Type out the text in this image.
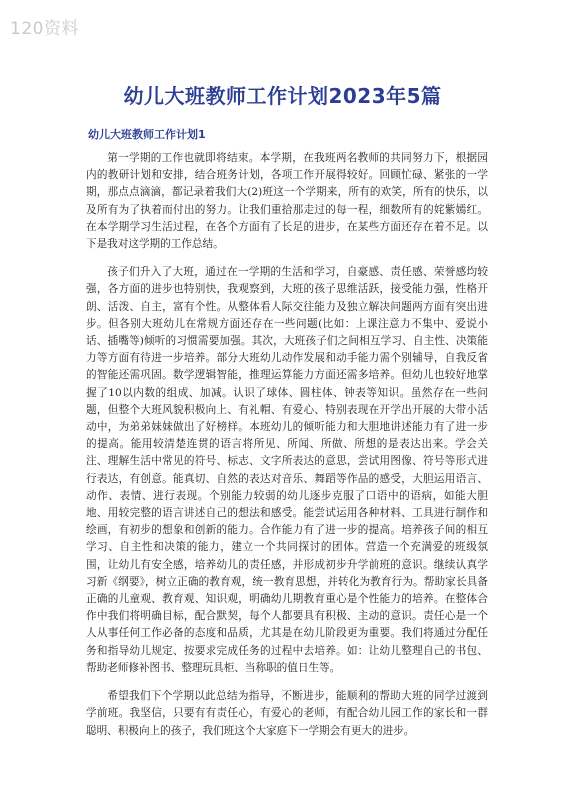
120资料
幼儿大班教师工作计划2023年5篇
幼儿大班教师工作计划1

第一学期的工作也就即将结束。本学期，在我班两名教师的共同努力下，根据园内的教研计划和安排，结合班务计划，各项工作开展得较好。回顾忙碌、紧张的一学期，那点点滴滴，都记录着我们大(2)班这一个学期来，所有的欢笑，所有的快乐，以及所有为了执着而付出的努力。让我们重拾那走过的每一程，细数所有的姹紫嫣红。在本学期学习生活过程，在各个方面有了长足的进步，在某些方面还存在着不足。以下是我对这学期的工作总结。

孩子们升入了大班，通过在一学期的生活和学习，自豪感、责任感、荣誉感均较强，各方面的进步也特别快，我观察到，大班的孩子思维活跃，接受能力强，性格开朗、活泼、自主，富有个性。从整体看人际交往能力及独立解决问题两方面有突出进步。但各别大班幼儿在常规方面还存在一些问题(比如：上课注意力不集中、爱说小话、插嘴等)倾听的习惯需要加强。其次，大班孩子们之间相互学习、自主性、决策能力等方面有待进一步培养。部分大班幼儿动作发展和动手能力需个别辅导，自我反省的智能还需巩固。数学逻辑智能，推理运算能力方面还需多培养。但幼儿也较好地掌握了10以内数的组成、加减。认识了球体、圆柱体、钟表等知识。虽然存在一些问题，但整个大班风貌积极向上、有礼帽、有爱心、特别表现在开学出开展的大带小活动中，为弟弟妹妹做出了好榜样。本班幼儿的倾听能力和大胆地讲述能力有了进一步的提高。能用较清楚连贯的语言将所见、所闻、所做、所想的是表达出来。学会关注、理解生活中常见的符号、标志、文字所表达的意思，尝试用图像、符号等形式进行表达，有创意。能真切、自然的表达对音乐、舞蹈等作品的感受，大胆运用语言、动作、表情、进行表现。个别能力较弱的幼儿逐步克服了口语中的语病，如能大胆地、用较完整的语言讲述自己的想法和感受。能尝试运用各种材料、工具进行制作和绘画，有初步的想象和创新的能力。合作能力有了进一步的提高。培养孩子间的相互学习、自主性和决策的能力，建立一个共同探讨的团体。营造一个充满爱的班级氛围，让幼儿有安全感，培养幼儿的责任感，并形成初步升学前班的意识。继续认真学习新《纲要》，树立正确的教育观，统一教育思想，并转化为教育行为。帮助家长具备正确的儿童观、教育观、知识观，明确幼儿期教育重心是个性能力的培养。在整体合作中我们将明确目标，配合默契，每个人都要具有积极、主动的意识。责任心是一个人从事任何工作必备的态度和品质，尤其是在幼儿阶段更为重要。我们将通过分配任务和指导幼儿规定、按要求完成任务的过程中去培养。如：让幼儿整理自己的书包、帮助老师修补图书、整理玩具柜、当称职的值日生等。

希望我们下个学期以此总结为指导，不断进步，能顺利的帮助大班的同学过渡到学前班。我坚信，只要有有责任心，有爱心的老师，有配合幼儿园工作的家长和一群聪明、积极向上的孩子，我们班这个大家庭下一学期会有更大的进步。
